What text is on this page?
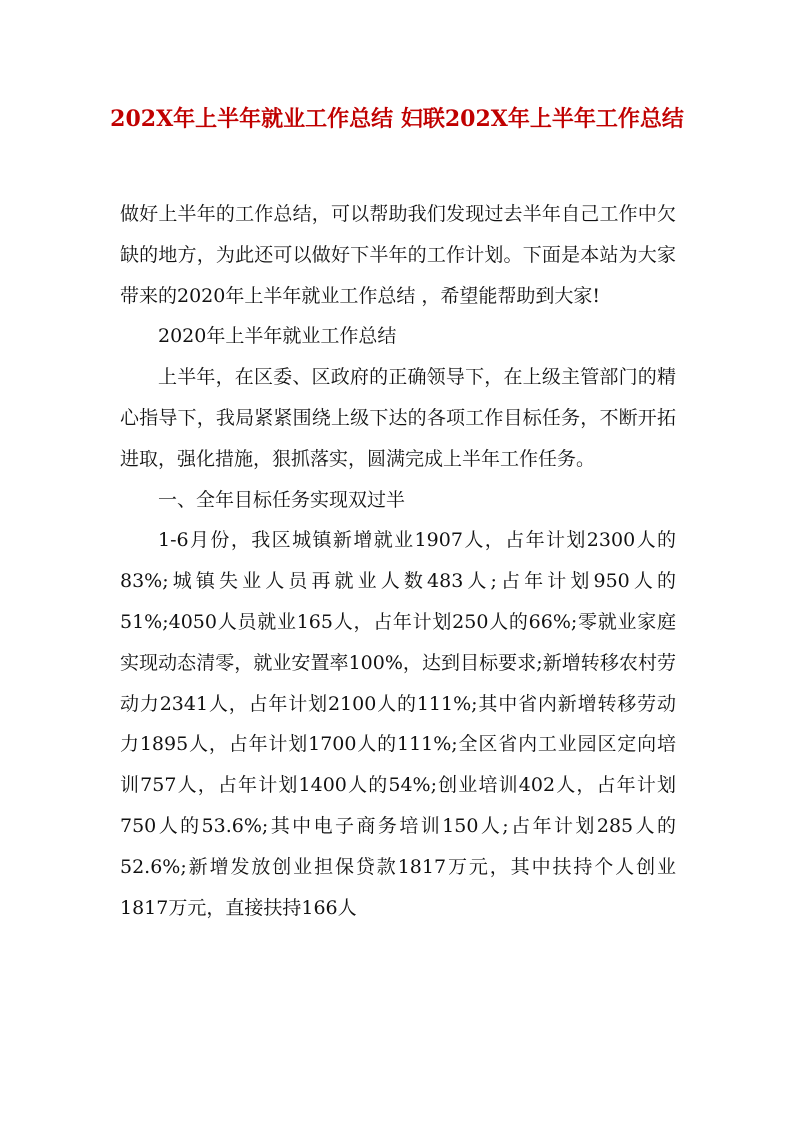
202X年上半年就业工作总结 妇联202X年上半年工作总结

做好上半年的工作总结，可以帮助我们发现过去半年自己工作中欠缺的地方，为此还可以做好下半年的工作计划。下面是本站为大家带来的2020年上半年就业工作总结 ，希望能帮助到大家!

2020年上半年就业工作总结

上半年，在区委、区政府的正确领导下，在上级主管部门的精心指导下，我局紧紧围绕上级下达的各项工作目标任务，不断开拓进取，强化措施，狠抓落实，圆满完成上半年工作任务。

一、全年目标任务实现双过半

1-6月份，我区城镇新增就业1907人，占年计划2300人的83%;城镇失业人员再就业人数483人;占年计划950人的51%;4050人员就业165人，占年计划250人的66%;零就业家庭实现动态清零，就业安置率100%，达到目标要求;新增转移农村劳动力2341人，占年计划2100人的111%;其中省内新增转移劳动力1895人，占年计划1700人的111%;全区省内工业园区定向培训757人，占年计划1400人的54%;创业培训402人，占年计划750人的53.6%;其中电子商务培训150人;占年计划285人的52.6%;新增发放创业担保贷款1817万元，其中扶持个人创业1817万元，直接扶持166人
